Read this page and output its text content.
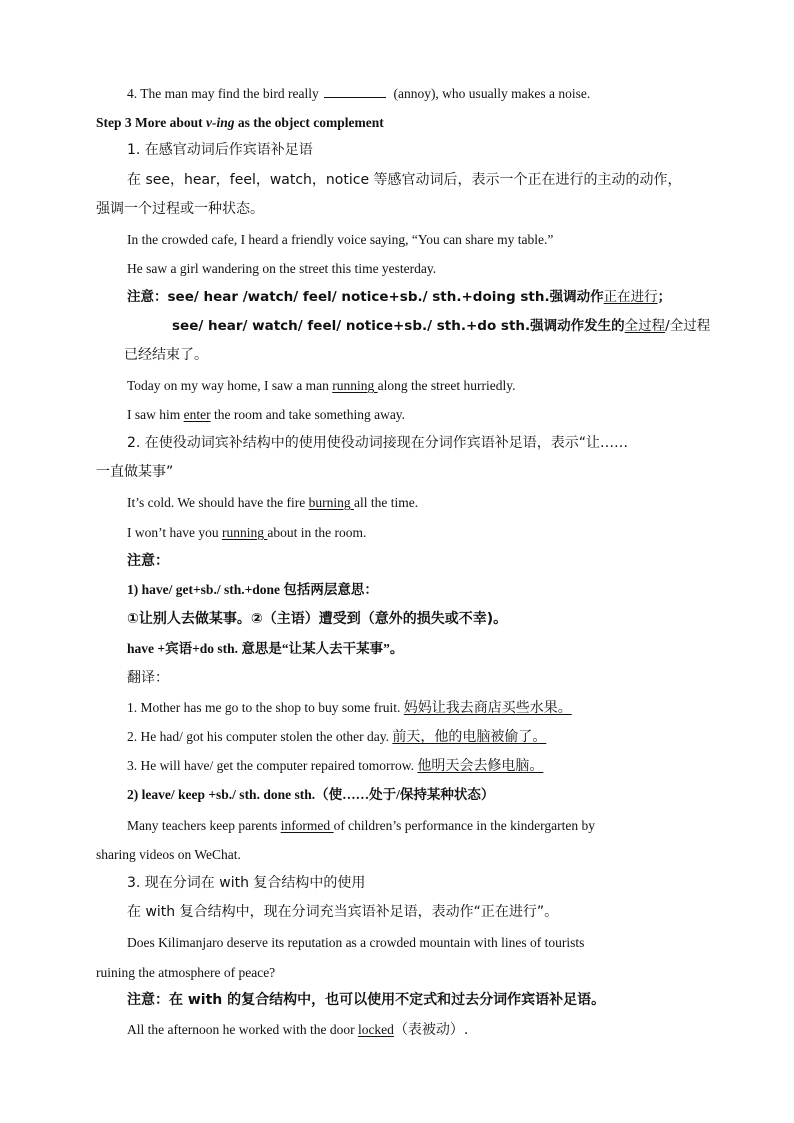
4. The man may find the bird really	(annoy), who usually makes a noise.
Step 3 More about v-ing as the object complement
1. 在感官动词后作宾语补足语
在 see，hear，feel，watch，notice 等感官动词后，表示一个正在进行的主动的动作，
强调一个过程或一种状态。
In the crowded cafe, I heard a friendly voice saying, “You can share my table.”
He saw a girl wandering on the street this time yesterday.
注意：see/ hear /watch/ feel/ notice+sb./ sth.+doing sth.强调动作正在进行；
see/ hear/ watch/ feel/ notice+sb./ sth.+do sth.强调动作发生的全过程/全过程
已经结束了。
Today on my way home, I saw a man running along the street hurriedly.
I saw him enter the room and take something away.
2. 在使役动词宾补结构中的使用使役动词接现在分词作宾语补足语，表示“让……
一直做某事”
It’s cold. We should have the fire burning all the time.
I won’t have you running about in the room.
注意：
1) have/ get+sb./ sth.+done 包括两层意思：
①让别人去做某事。②（主语）遭受到（意外的损失或不幸)。
have +宾语+do sth. 意思是“让某人去干某事”。
翻译：
1. Mother has me go to the shop to buy some fruit. 妈妈让我去商店买些水果。
2. He had/ got his computer stolen the other day. 前天，他的电脑被偷了。
3. He will have/ get the computer repaired tomorrow. 他明天会去修电脑。
2) leave/ keep +sb./ sth. done sth.（使……处于/保持某种状态）
Many teachers keep parents informed of children’s performance in the kindergarten by
sharing videos on WeChat.
3. 现在分词在 with 复合结构中的使用
在 with 复合结构中，现在分词充当宾语补足语，表动作“正在进行”。
Does Kilimanjaro deserve its reputation as a crowded mountain with lines of tourists
ruining the atmosphere of peace?
注意：在 with 的复合结构中，也可以使用不定式和过去分词作宾语补足语。
All the afternoon he worked with the door locked（表被动）.
